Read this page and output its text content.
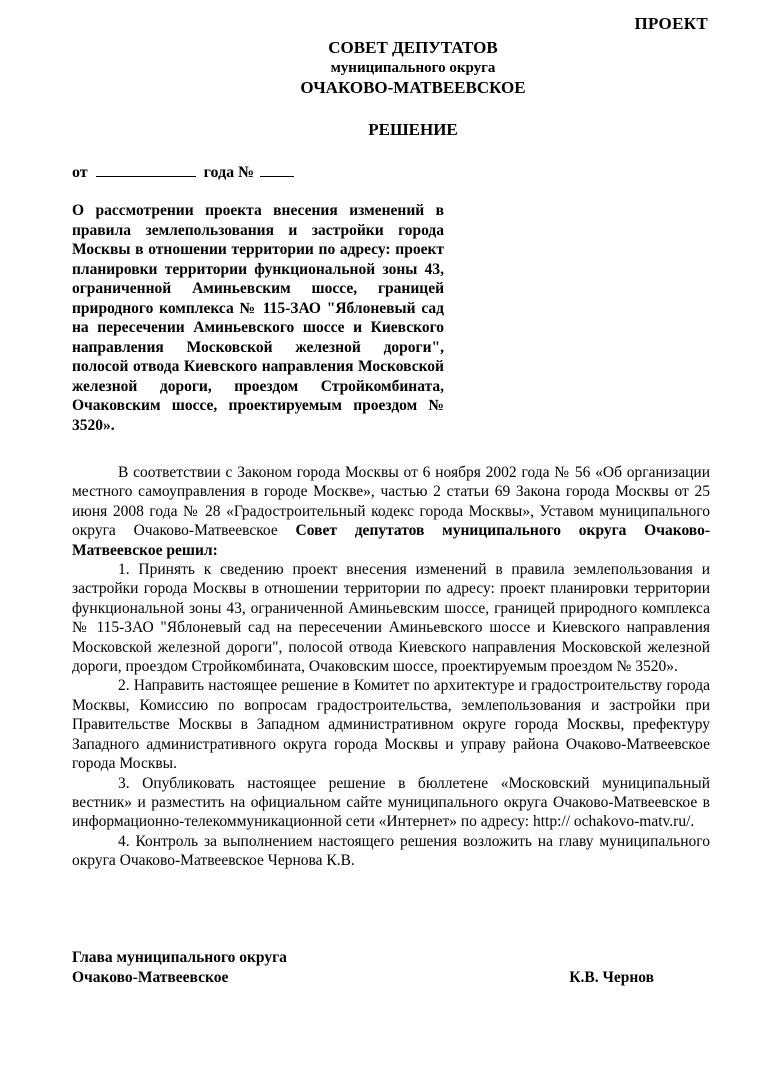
ПРОЕКТ
СОВЕТ ДЕПУТАТОВ
муниципального округа
ОЧАКОВО-МАТВЕЕВСКОЕ
РЕШЕНИЕ
от	года №
О рассмотрении проекта внесения изменений в правила землепользования и застройки города Москвы в отношении территории по адресу: проект планировки территории функциональной зоны 43, ограниченной Аминьевским шоссе, границей природного комплекса № 115-ЗАО "Яблоневый сад на пересечении Аминьевского шоссе и Киевского направления Московской железной дороги", полосой отвода Киевского направления Московской железной дороги, проездом Стройкомбината, Очаковским шоссе, проектируемым проездом № 3520».

В соответствии с Законом города Москвы от 6 ноября 2002 года № 56 «Об организации местного самоуправления в городе Москве», частью 2 статьи 69 Закона города Москвы от 25 июня 2008 года № 28 «Градостроительный кодекс города Москвы», Уставом муниципального округа Очаково-Матвеевское Совет депутатов муниципального округа Очаково-Матвеевское решил:

1. Принять к сведению проект внесения изменений в правила землепользования и застройки города Москвы в отношении территории по адресу: проект планировки территории функциональной зоны 43, ограниченной Аминьевским шоссе, границей природного комплекса № 115-ЗАО "Яблоневый сад на пересечении Аминьевского шоссе и Киевского направления Московской железной дороги", полосой отвода Киевского направления Московской железной дороги, проездом Стройкомбината, Очаковским шоссе, проектируемым проездом № 3520».

2. Направить настоящее решение в Комитет по архитектуре и градостроительству города Москвы, Комиссию по вопросам градостроительства, землепользования и застройки при Правительстве Москвы в Западном административном округе города Москвы, префектуру Западного административного округа города Москвы и управу района Очаково-Матвеевское города Москвы.

3. Опубликовать настоящее решение в бюллетене «Московский муниципальный вестник» и разместить на официальном сайте муниципального округа Очаково-Матвеевское в информационно-телекоммуникационной сети «Интернет» по адресу: http:// ochakovo-matv.ru/.

4. Контроль за выполнением настоящего решения возложить на главу муниципального округа Очаково-Матвеевское Чернова К.В.

Глава муниципального округа
Очаково-Матвеевское	К.В. Чернов
